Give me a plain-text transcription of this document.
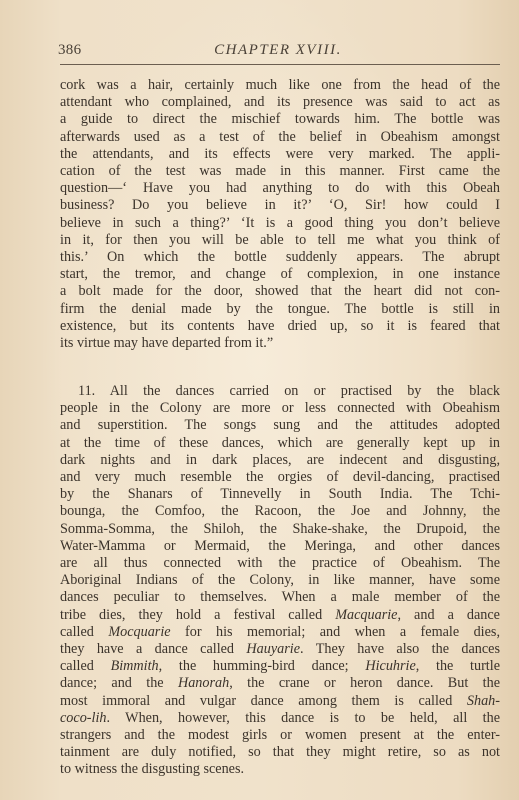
386	CHAPTER XVIII.
cork was a hair, certainly much like one from the head of the
attendant who complained, and its presence was said to act as
a guide to direct the mischief towards him. The bottle was
afterwards used as a test of the belief in Obeahism amongst
the attendants, and its effects were very marked. The appli-
cation of the test was made in this manner. First came the
question—‘ Have you had anything to do with this Obeah
business? Do you believe in it?’ ‘O, Sir! how could I
believe in such a thing?’ ‘It is a good thing you don’t believe
in it, for then you will be able to tell me what you think of
this.’ On which the bottle suddenly appears. The abrupt
start, the tremor, and change of complexion, in one instance
a bolt made for the door, showed that the heart did not con-
firm the denial made by the tongue. The bottle is still in
existence, but its contents have dried up, so it is feared that
its virtue may have departed from it.”
11. All the dances carried on or practised by the black
people in the Colony are more or less connected with Obeahism
and superstition. The songs sung and the attitudes adopted
at the time of these dances, which are generally kept up in
dark nights and in dark places, are indecent and disgusting,
and very much resemble the orgies of devil-dancing, practised
by the Shanars of Tinnevelly in South India. The Tchi-
bounga, the Comfoo, the Racoon, the Joe and Johnny, the
Somma-Somma, the Shiloh, the Shake-shake, the Drupoid, the
Water-Mamma or Mermaid, the Meringa, and other dances
are all thus connected with the practice of Obeahism. The
Aboriginal Indians of the Colony, in like manner, have some
dances peculiar to themselves. When a male member of the
tribe dies, they hold a festival called Macquarie, and a dance
called Mocquarie for his memorial; and when a female dies,
they have a dance called Hauyarie. They have also the dances
called Bimmith, the humming-bird dance; Hicuhrie, the turtle
dance; and the Hanorah, the crane or heron dance. But the
most immoral and vulgar dance among them is called Shah-
coco-lih. When, however, this dance is to be held, all the
strangers and the modest girls or women present at the enter-
tainment are duly notified, so that they might retire, so as not
to witness the disgusting scenes.
